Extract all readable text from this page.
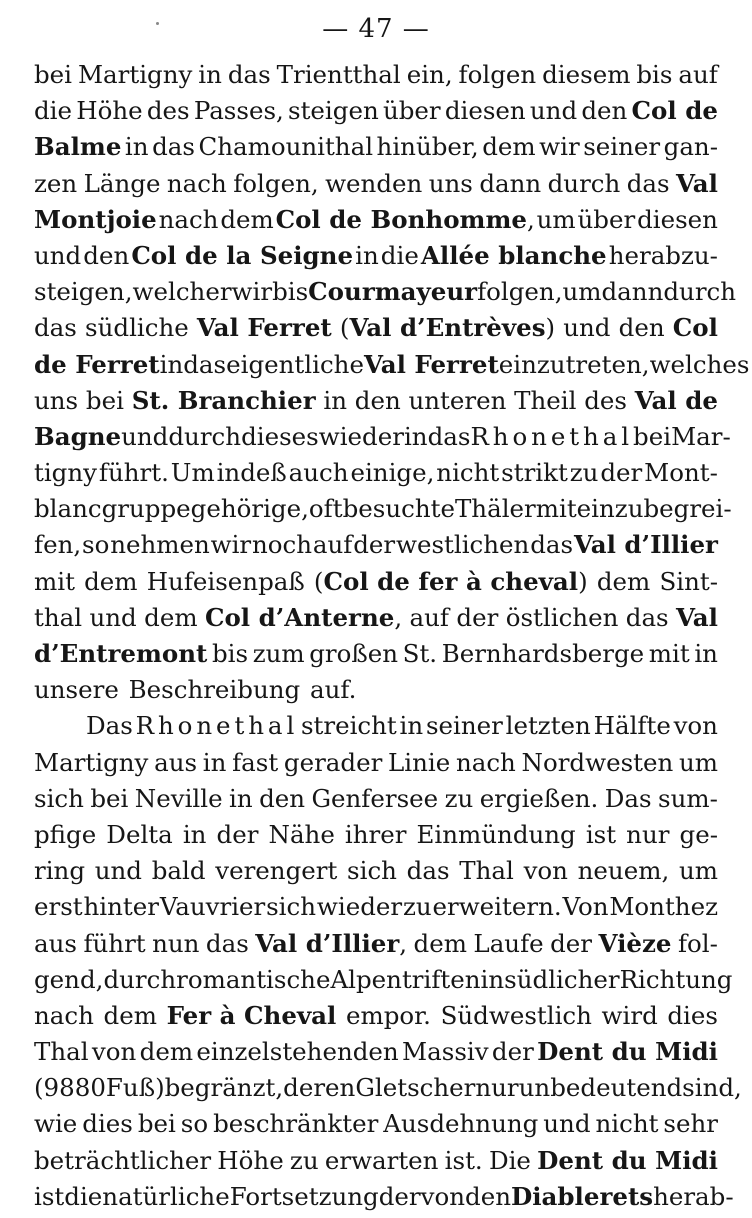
— 47 —
bei Martigny in das Trientthal ein, folgen diesem bis auf
die Höhe des Passes, steigen über diesen und den Col de
Balme in das Chamounithal hinüber, dem wir seiner gan-
zen Länge nach folgen, wenden uns dann durch das Val
Montjoie nach dem Col de Bonhomme, um über diesen
und den Col de la Seigne in die Allée blanche herabzu-
steigen, welcher wir bis Courmayeur folgen, um dann durch
das südliche Val Ferret (Val d’Entrèves) und den Col
de Ferret in das eigentliche Val Ferret einzutreten, welches
uns bei St. Branchier in den unteren Theil des Val de
Bagne und durch dieses wieder in das Rhonethal bei Mar-
tigny führt. Um indeß auch einige, nicht strikt zu der Mont-
blancgruppe gehörige, oft besuchte Thäler mit einzubegrei-
fen, so nehmen wir noch auf der westlichen das Val d’Illier
mit dem Hufeisenpaß (Col de fer à cheval) dem Sint-
thal und dem Col d’Anterne, auf der östlichen das Val
d’Entremont bis zum großen St. Bernhardsberge mit in
unsere Beschreibung auf.
Das Rhonethal streicht in seiner letzten Hälfte von
Martigny aus in fast gerader Linie nach Nordwesten um
sich bei Neville in den Genfersee zu ergießen. Das sum-
pfige Delta in der Nähe ihrer Einmündung ist nur ge-
ring und bald verengert sich das Thal von neuem, um
erst hinter Vauvrier sich wieder zu erweitern. Von Monthez
aus führt nun das Val d’Illier, dem Laufe der Vièze fol-
gend, durch romantische Alpentriften in südlicher Richtung
nach dem Fer à Cheval empor. Südwestlich wird dies
Thal von dem einzelstehenden Massiv der Dent du Midi
(9880 Fuß) begränzt, deren Gletscher nur unbedeutend sind,
wie dies bei so beschränkter Ausdehnung und nicht sehr
beträchtlicher Höhe zu erwarten ist. Die Dent du Midi
ist die natürliche Fortsetzung der von den Diablerets herab-
